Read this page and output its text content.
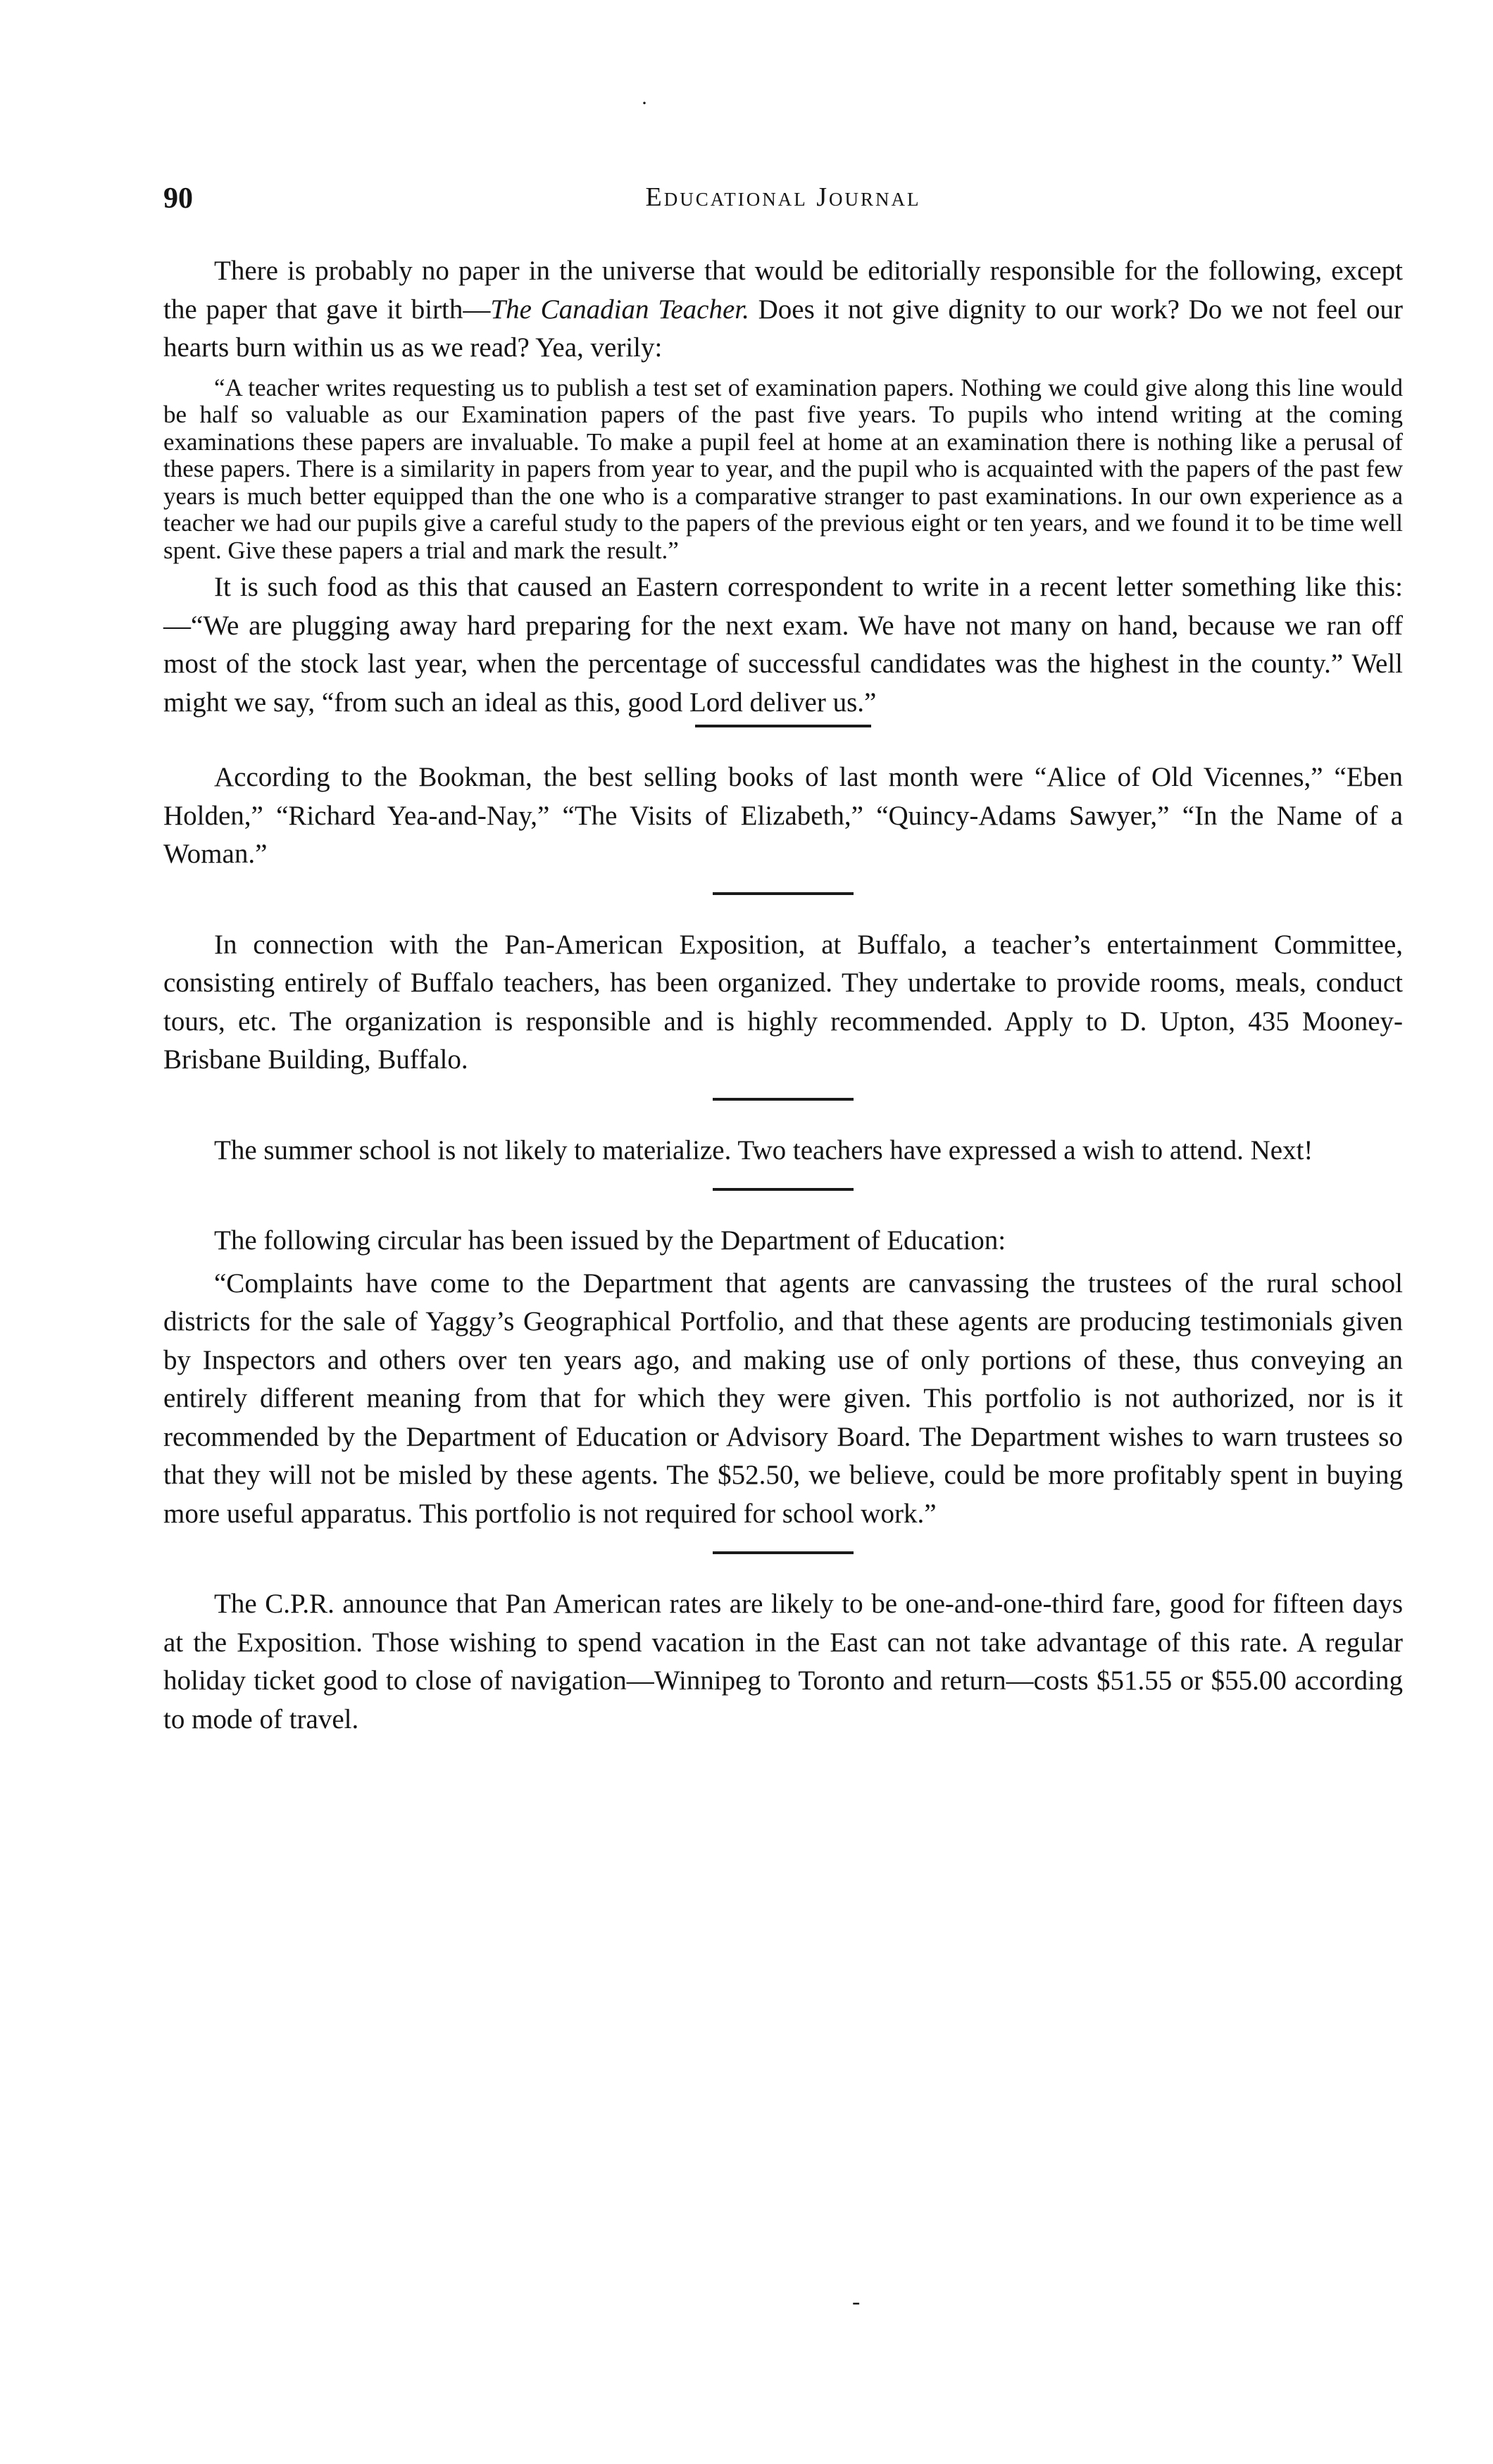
·
Educational Journal
90

There is probably no paper in the universe that would be editorially responsible for the following, except the paper that gave it birth—The Canadian Teacher. Does it not give dignity to our work? Do we not feel our hearts burn within us as we read? Yea, verily:

“A teacher writes requesting us to publish a test set of examination papers. Nothing we could give along this line would be half so valuable as our Examination papers of the past five years. To pupils who intend writing at the coming examinations these papers are invaluable. To make a pupil feel at home at an examination there is nothing like a perusal of these papers. There is a similarity in papers from year to year, and the pupil who is acquainted with the papers of the past few years is much better equipped than the one who is a comparative stranger to past examinations. In our own experience as a teacher we had our pupils give a careful study to the papers of the previous eight or ten years, and we found it to be time well spent. Give these papers a trial and mark the result.”

It is such food as this that caused an Eastern correspondent to write in a recent letter something like this:—“We are plugging away hard preparing for the next exam. We have not many on hand, because we ran off most of the stock last year, when the percentage of successful candidates was the highest in the county.” Well might we say, “from such an ideal as this, good Lord deliver us.”

According to the Bookman, the best selling books of last month were “Alice of Old Vicennes,” “Eben Holden,” “Richard Yea-and-Nay,” “The Visits of Elizabeth,” “Quincy-Adams Sawyer,” “In the Name of a Woman.”

In connection with the Pan-American Exposition, at Buffalo, a teacher’s entertainment Committee, consisting entirely of Buffalo teachers, has been organized. They undertake to provide rooms, meals, conduct tours, etc. The organization is responsible and is highly recommended. Apply to D. Upton, 435 Mooney-Brisbane Building, Buffalo.

The summer school is not likely to materialize. Two teachers have expressed a wish to attend. Next!

The following circular has been issued by the Department of Education:

“Complaints have come to the Department that agents are canvassing the trustees of the rural school districts for the sale of Yaggy’s Geographical Portfolio, and that these agents are producing testimonials given by Inspectors and others over ten years ago, and making use of only portions of these, thus conveying an entirely different meaning from that for which they were given. This portfolio is not authorized, nor is it recommended by the Department of Education or Advisory Board. The Department wishes to warn trustees so that they will not be misled by these agents. The $52.50, we believe, could be more profitably spent in buying more useful apparatus. This portfolio is not required for school work.”

The C.P.R. announce that Pan American rates are likely to be one-and-one-third fare, good for fifteen days at the Exposition. Those wishing to spend vacation in the East can not take advantage of this rate. A regular holiday ticket good to close of navigation—Winnipeg to Toronto and return—costs $51.55 or $55.00 according to mode of travel.

‐
